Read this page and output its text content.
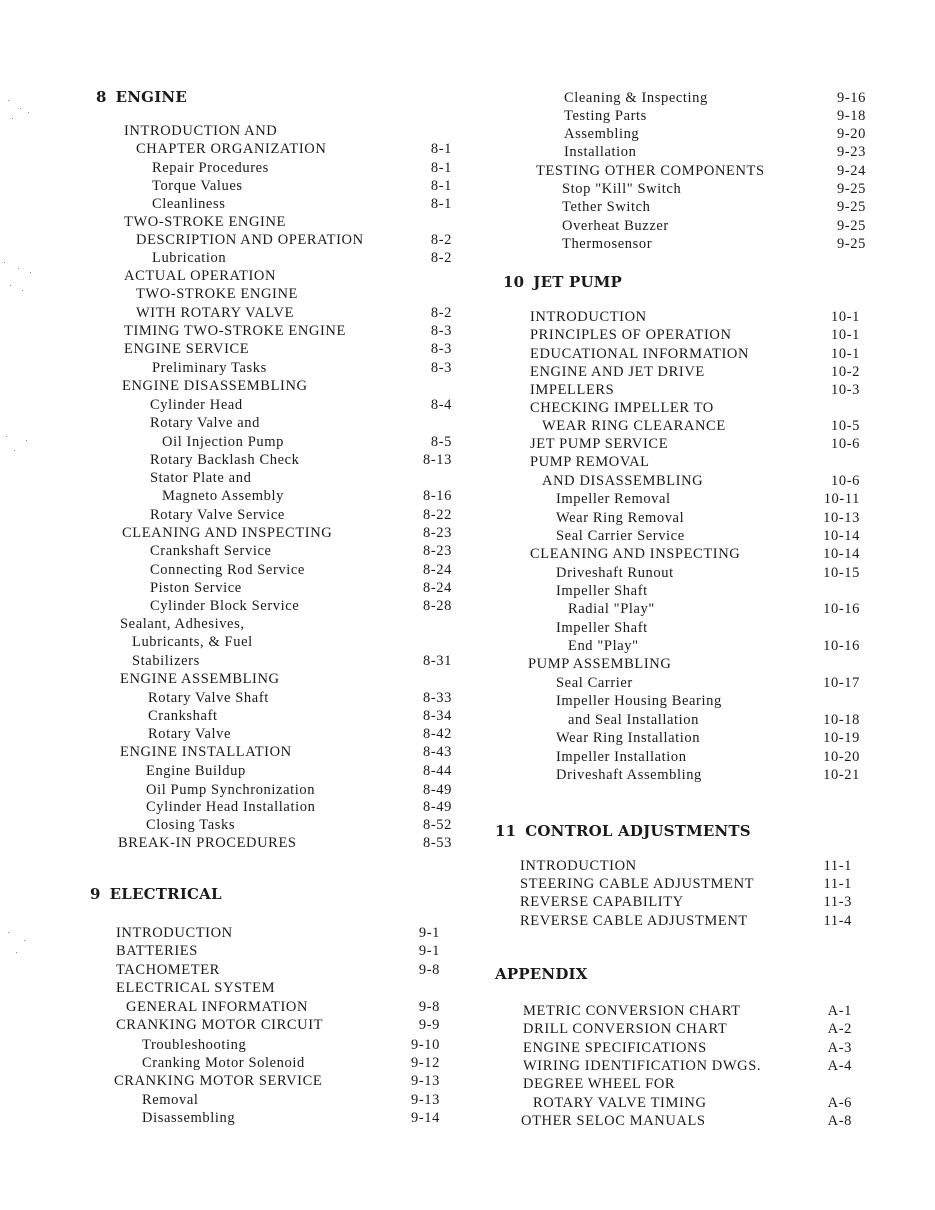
8 ENGINE
INTRODUCTION AND
CHAPTER ORGANIZATION	8-1
Repair Procedures	8-1
Torque Values	8-1
Cleanliness	8-1
TWO-STROKE ENGINE
DESCRIPTION AND OPERATION	8-2
Lubrication	8-2
ACTUAL OPERATION
TWO-STROKE ENGINE
WITH ROTARY VALVE	8-2
TIMING TWO-STROKE ENGINE	8-3
ENGINE SERVICE	8-3
Preliminary Tasks	8-3
ENGINE DISASSEMBLING
Cylinder Head	8-4
Rotary Valve and
Oil Injection Pump	8-5
Rotary Backlash Check	8-13
Stator Plate and
Magneto Assembly	8-16
Rotary Valve Service	8-22
CLEANING AND INSPECTING	8-23
Crankshaft Service	8-23
Connecting Rod Service	8-24
Piston Service	8-24
Cylinder Block Service	8-28
Sealant, Adhesives,
Lubricants, & Fuel
Stabilizers	8-31
ENGINE ASSEMBLING
Rotary Valve Shaft	8-33
Crankshaft	8-34
Rotary Valve	8-42
ENGINE INSTALLATION	8-43
Engine Buildup	8-44
Oil Pump Synchronization	8-49
Cylinder Head Installation	8-49
Closing Tasks	8-52
BREAK-IN PROCEDURES	8-53
9 ELECTRICAL
INTRODUCTION	9-1
BATTERIES	9-1
TACHOMETER	9-8
ELECTRICAL SYSTEM
GENERAL INFORMATION	9-8
CRANKING MOTOR CIRCUIT	9-9
Troubleshooting	9-10
Cranking Motor Solenoid	9-12
CRANKING MOTOR SERVICE	9-13
Removal	9-13
Disassembling	9-14
Cleaning & Inspecting	9-16
Testing Parts	9-18
Assembling	9-20
Installation	9-23
TESTING OTHER COMPONENTS	9-24
Stop "Kill" Switch	9-25
Tether Switch	9-25
Overheat Buzzer	9-25
Thermosensor	9-25
10 JET PUMP
INTRODUCTION	10-1
PRINCIPLES OF OPERATION	10-1
EDUCATIONAL INFORMATION	10-1
ENGINE AND JET DRIVE	10-2
IMPELLERS	10-3
CHECKING IMPELLER TO
WEAR RING CLEARANCE	10-5
JET PUMP SERVICE	10-6
PUMP REMOVAL
AND DISASSEMBLING	10-6
Impeller Removal	10-11
Wear Ring Removal	10-13
Seal Carrier Service	10-14
CLEANING AND INSPECTING	10-14
Driveshaft Runout	10-15
Impeller Shaft
Radial "Play"	10-16
Impeller Shaft
End "Play"	10-16
PUMP ASSEMBLING
Seal Carrier	10-17
Impeller Housing Bearing
and Seal Installation	10-18
Wear Ring Installation	10-19
Impeller Installation	10-20
Driveshaft Assembling	10-21
11 CONTROL ADJUSTMENTS
INTRODUCTION	11-1
STEERING CABLE ADJUSTMENT	11-1
REVERSE CAPABILITY	11-3
REVERSE CABLE ADJUSTMENT	11-4
APPENDIX
METRIC CONVERSION CHART	A-1
DRILL CONVERSION CHART	A-2
ENGINE SPECIFICATIONS	A-3
WIRING IDENTIFICATION DWGS.	A-4
DEGREE WHEEL FOR
ROTARY VALVE TIMING	A-6
OTHER SELOC MANUALS	A-8
